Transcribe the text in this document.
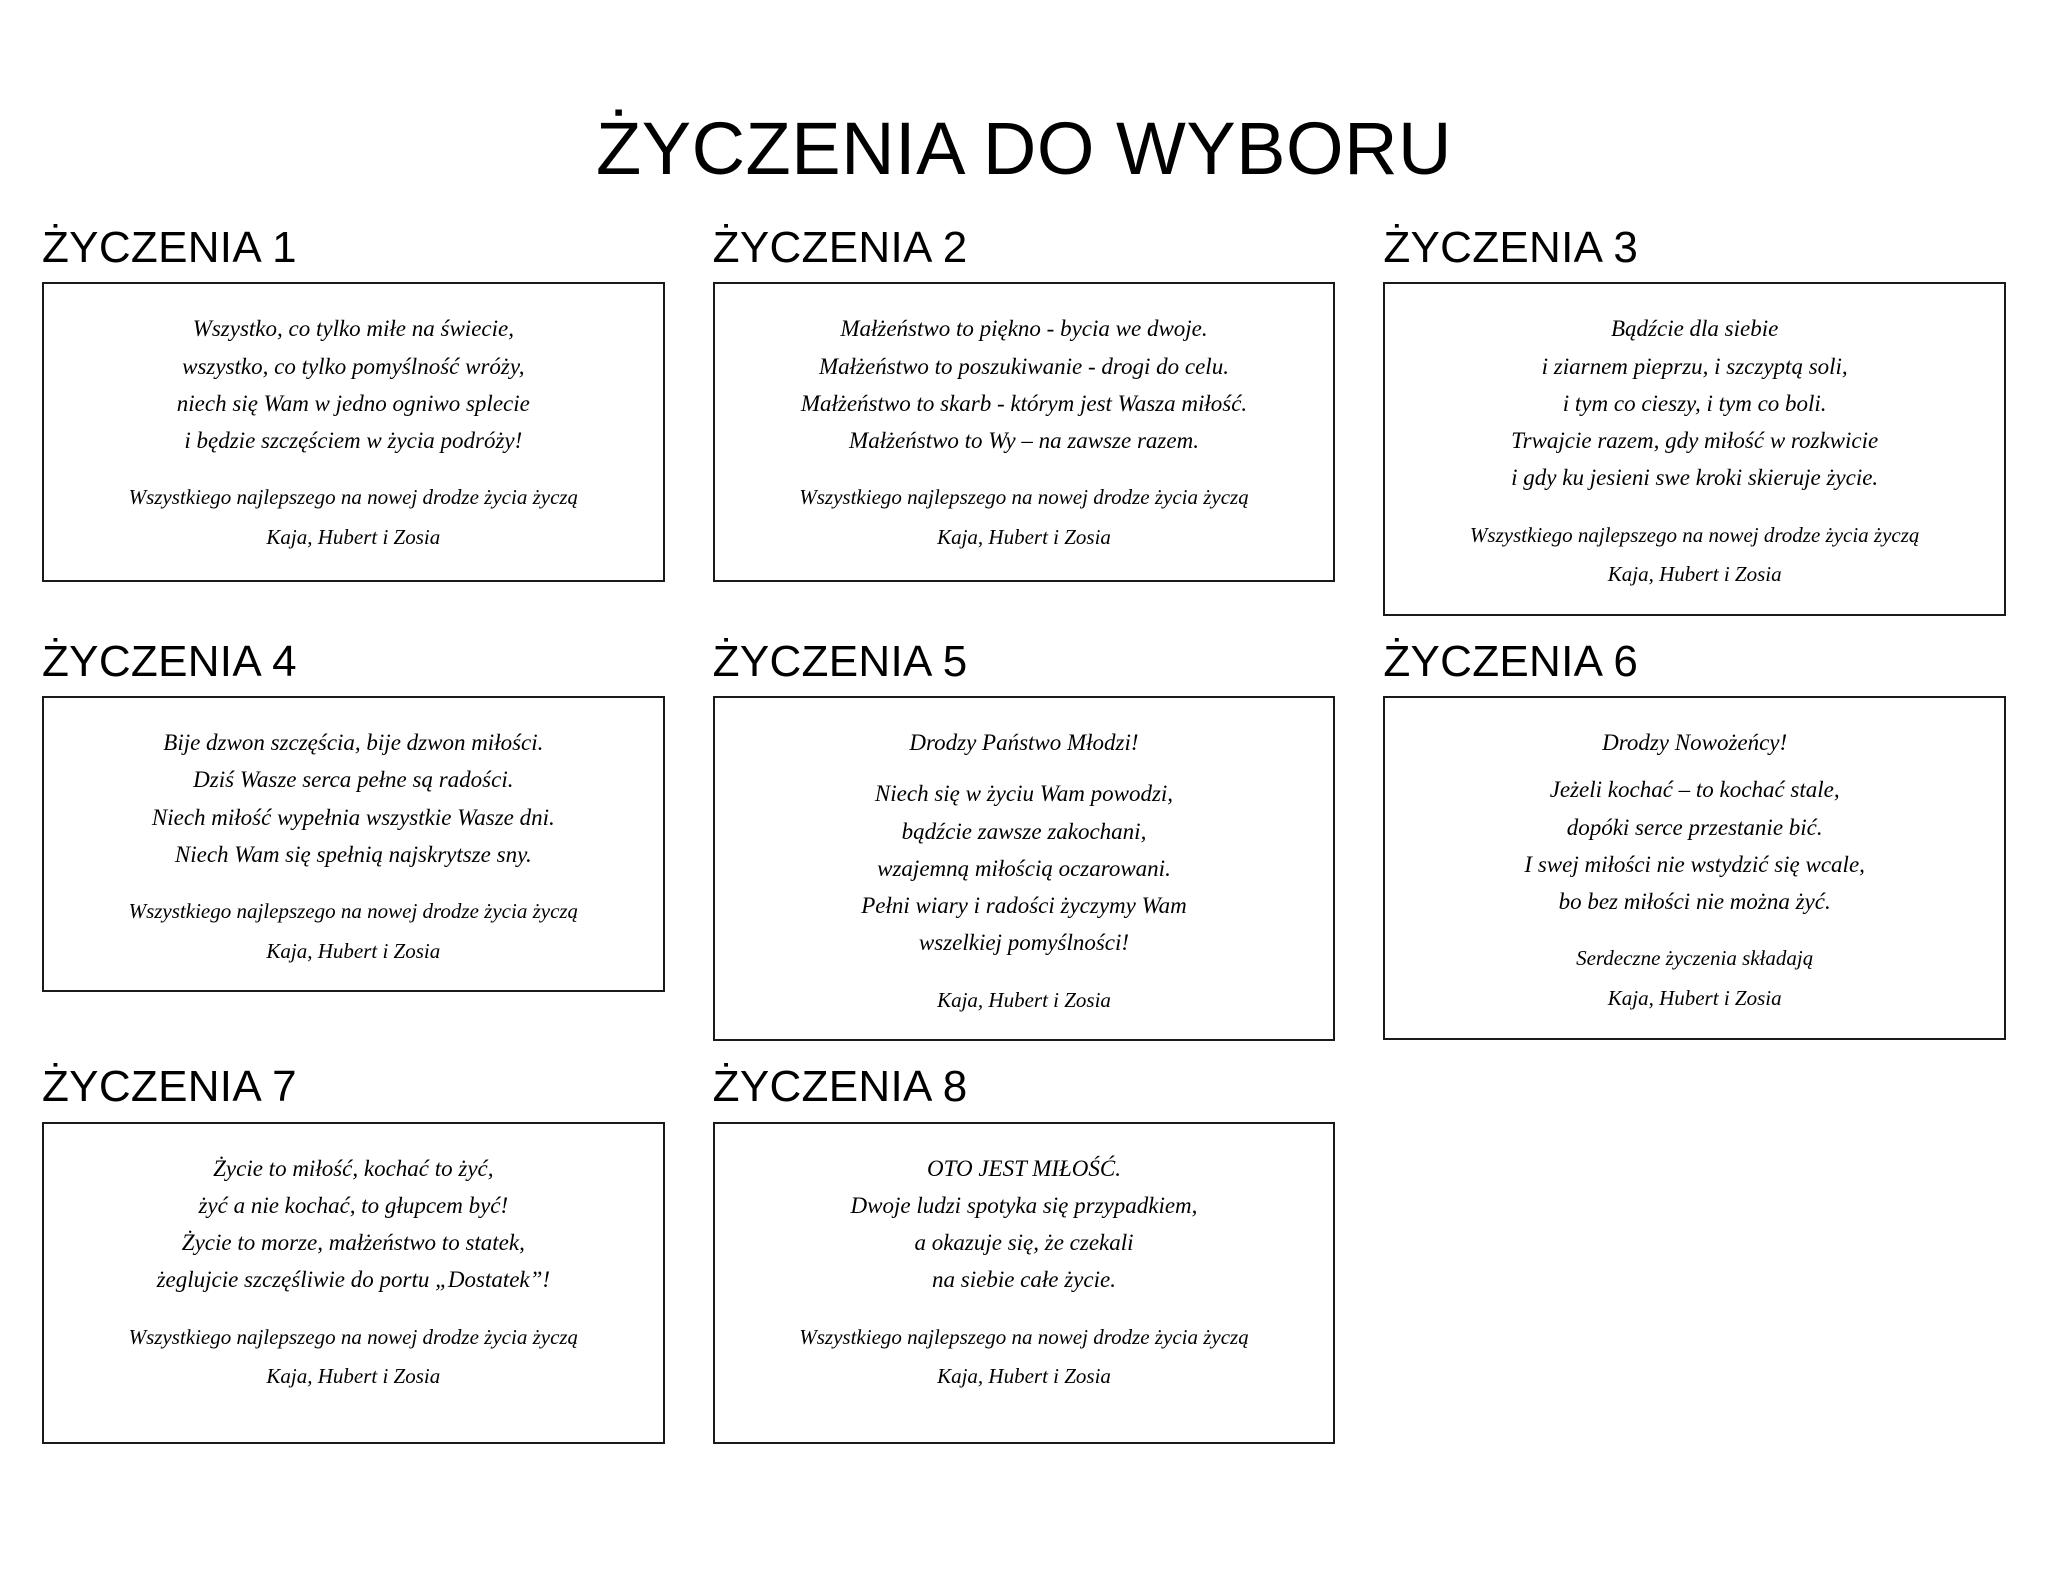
ŻYCZENIA DO WYBORU
ŻYCZENIA 1
Wszystko, co tylko miłe na świecie,
wszystko, co tylko pomyślność wróży,
niech się Wam w jedno ogniwo splecie
i będzie szczęściem w życia podróży!
Wszystkiego najlepszego na nowej drodze życia życzą
Kaja, Hubert i Zosia
ŻYCZENIA 2
Małżeństwo to piękno - bycia we dwoje.
Małżeństwo to poszukiwanie - drogi do celu.
Małżeństwo to skarb - którym jest Wasza miłość.
Małżeństwo to Wy – na zawsze razem.
Wszystkiego najlepszego na nowej drodze życia życzą
Kaja, Hubert i Zosia
ŻYCZENIA 3
Bądźcie dla siebie
i ziarnem pieprzu, i szczyptą soli,
i tym co cieszy, i tym co boli.
Trwajcie razem, gdy miłość w rozkwicie
i gdy ku jesieni swe kroki skieruje życie.
Wszystkiego najlepszego na nowej drodze życia życzą
Kaja, Hubert i Zosia
ŻYCZENIA 4
Bije dzwon szczęścia, bije dzwon miłości.
Dziś Wasze serca pełne są radości.
Niech miłość wypełnia wszystkie Wasze dni.
Niech Wam się spełnią najskrytsze sny.
Wszystkiego najlepszego na nowej drodze życia życzą
Kaja, Hubert i Zosia
ŻYCZENIA 5
Drodzy Państwo Młodzi!
Niech się w życiu Wam powodzi,
bądźcie zawsze zakochani,
wzajemną miłością oczarowani.
Pełni wiary i radości życzymy Wam
wszelkiej pomyślności!
Kaja, Hubert i Zosia
ŻYCZENIA 6
Drodzy Nowożeńcy!
Jeżeli kochać – to kochać stale,
dopóki serce przestanie bić.
I swej miłości nie wstydzić się wcale,
bo bez miłości nie można żyć.
Serdeczne życzenia składają
Kaja, Hubert i Zosia
ŻYCZENIA 7
Życie to miłość, kochać to żyć,
żyć a nie kochać, to głupcem być!
Życie to morze, małżeństwo to statek,
żeglujcie szczęśliwie do portu „Dostatek”!
Wszystkiego najlepszego na nowej drodze życia życzą
Kaja, Hubert i Zosia
ŻYCZENIA 8
OTO JEST MIŁOŚĆ.
Dwoje ludzi spotyka się przypadkiem,
a okazuje się, że czekali
na siebie całe życie.
Wszystkiego najlepszego na nowej drodze życia życzą
Kaja, Hubert i Zosia
